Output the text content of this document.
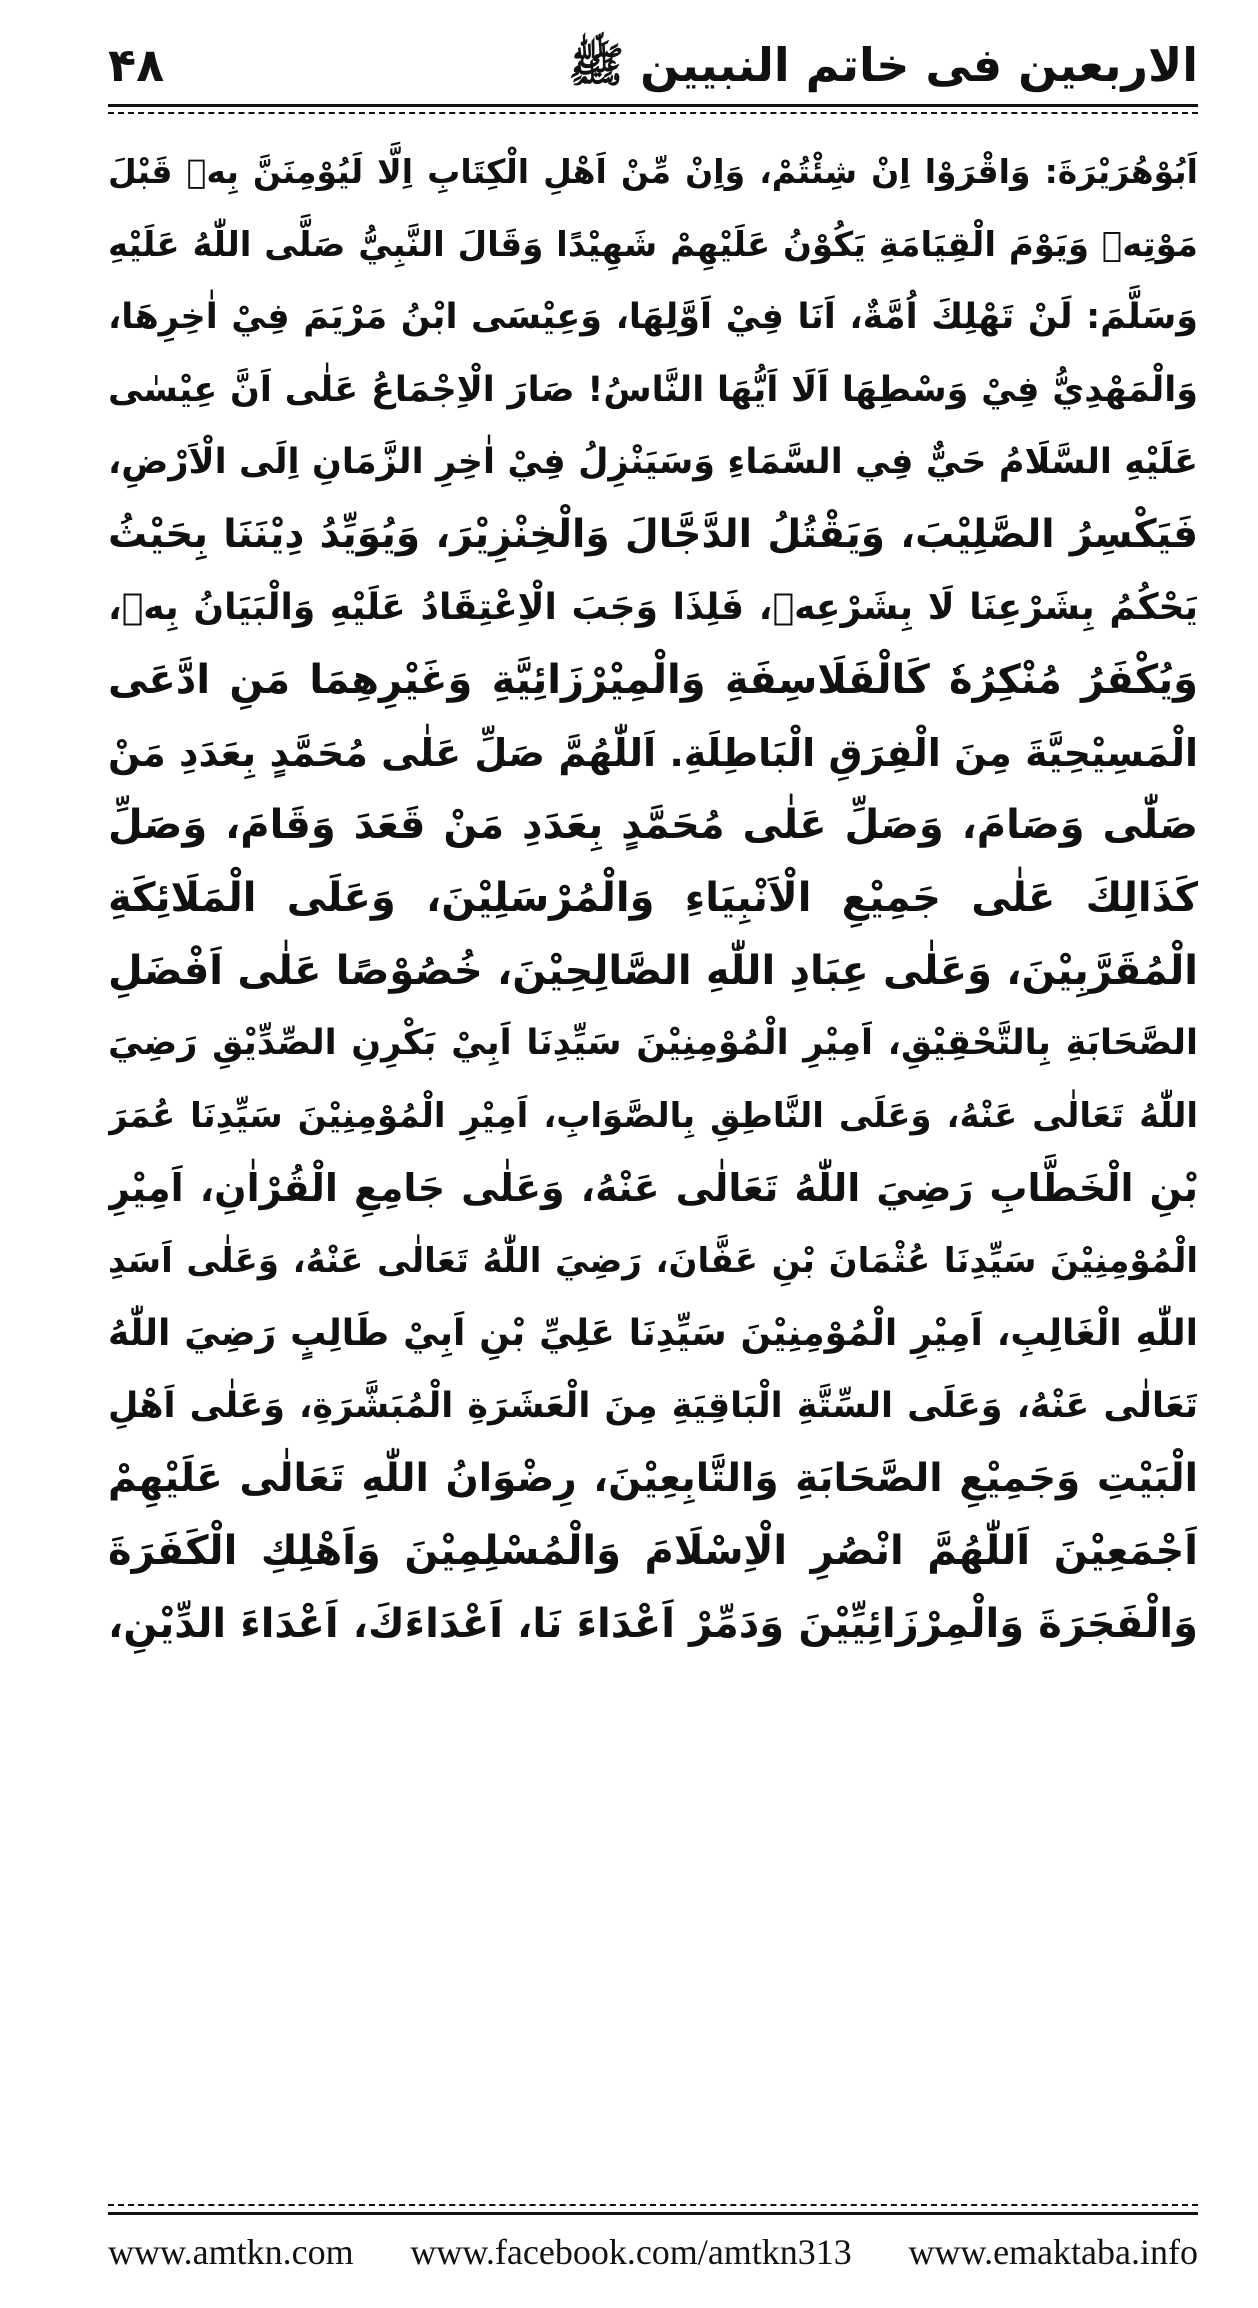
۴۸	الاربعین فی خاتم النبیین ﷺ
اَبُوْهُرَيْرَةَ: وَاقْرَوْا اِنْ شِئْتُمْ، وَاِنْ مِّنْ اَهْلِ الْكِتَابِ اِلَّا لَيُوْمِنَنَّ بِهٖ قَبْلَ
مَوْتِهٖ وَيَوْمَ الْقِيَامَةِ يَكُوْنُ عَلَيْهِمْ شَهِيْدًا وَقَالَ النَّبِيُّ صَلَّى اللّٰهُ عَلَيْهِ
وَسَلَّمَ: لَنْ تَهْلِكَ اُمَّةٌ، اَنَا فِيْ اَوَّلِهَا، وَعِيْسَى ابْنُ مَرْيَمَ فِيْ اٰخِرِهَا،
وَالْمَهْدِيُّ فِيْ وَسْطِهَا اَلَا اَيُّهَا النَّاسُ! صَارَ الْاِجْمَاعُ عَلٰى اَنَّ عِيْسٰى
عَلَيْهِ السَّلَامُ حَيٌّ فِي السَّمَاءِ وَسَيَنْزِلُ فِيْ اٰخِرِ الزَّمَانِ اِلَى الْاَرْضِ،
فَيَكْسِرُ الصَّلِيْبَ، وَيَقْتُلُ الدَّجَّالَ وَالْخِنْزِيْرَ، وَيُوَيِّدُ دِيْنَنَا بِحَيْثُ
يَحْكُمُ بِشَرْعِنَا لَا بِشَرْعِهٖ، فَلِذَا وَجَبَ الْاِعْتِقَادُ عَلَيْهِ وَالْبَيَانُ بِهٖ،
وَيُكْفَرُ مُنْكِرُهٗ كَالْفَلَاسِفَةِ وَالْمِيْرْزَائِيَّةِ وَغَيْرِهِمَا مَنِ ادَّعَى
الْمَسِيْحِيَّةَ مِنَ الْفِرَقِ الْبَاطِلَةِ. اَللّٰهُمَّ صَلِّ عَلٰى مُحَمَّدٍ بِعَدَدِ مَنْ
صَلّٰى وَصَامَ، وَصَلِّ عَلٰى مُحَمَّدٍ بِعَدَدِ مَنْ قَعَدَ وَقَامَ، وَصَلِّ
كَذَالِكَ عَلٰى جَمِيْعِ الْاَنْبِيَاءِ وَالْمُرْسَلِيْنَ، وَعَلَى الْمَلَائِكَةِ
الْمُقَرَّبِيْنَ، وَعَلٰى عِبَادِ اللّٰهِ الصَّالِحِيْنَ، خُصُوْصًا عَلٰى اَفْضَلِ
الصَّحَابَةِ بِالتَّحْقِيْقِ، اَمِيْرِ الْمُوْمِنِيْنَ سَيِّدِنَا اَبِيْ بَكْرِنِ الصِّدِّيْقِ رَضِيَ
اللّٰهُ تَعَالٰى عَنْهُ، وَعَلَى النَّاطِقِ بِالصَّوَابِ، اَمِيْرِ الْمُوْمِنِيْنَ سَيِّدِنَا عُمَرَ
بْنِ الْخَطَّابِ رَضِيَ اللّٰهُ تَعَالٰى عَنْهُ، وَعَلٰى جَامِعِ الْقُرْاٰنِ، اَمِيْرِ
الْمُوْمِنِيْنَ سَيِّدِنَا عُثْمَانَ بْنِ عَفَّانَ، رَضِيَ اللّٰهُ تَعَالٰى عَنْهُ، وَعَلٰى اَسَدِ
اللّٰهِ الْغَالِبِ، اَمِيْرِ الْمُوْمِنِيْنَ سَيِّدِنَا عَلِيِّ بْنِ اَبِيْ طَالِبٍ رَضِيَ اللّٰهُ
تَعَالٰى عَنْهُ، وَعَلَى السِّتَّةِ الْبَاقِيَةِ مِنَ الْعَشَرَةِ الْمُبَشَّرَةِ، وَعَلٰى اَهْلِ
الْبَيْتِ وَجَمِيْعِ الصَّحَابَةِ وَالتَّابِعِيْنَ، رِضْوَانُ اللّٰهِ تَعَالٰى عَلَيْهِمْ
اَجْمَعِيْنَ اَللّٰهُمَّ انْصُرِ الْاِسْلَامَ وَالْمُسْلِمِيْنَ وَاَهْلِكِ الْكَفَرَةَ
وَالْفَجَرَةَ وَالْمِرْزَائِيِّيْنَ وَدَمِّرْ اَعْدَاءَ نَا، اَعْدَاءَكَ، اَعْدَاءَ الدِّيْنِ،
www.amtkn.com www.facebook.com/amtkn313 www.emaktaba.info
